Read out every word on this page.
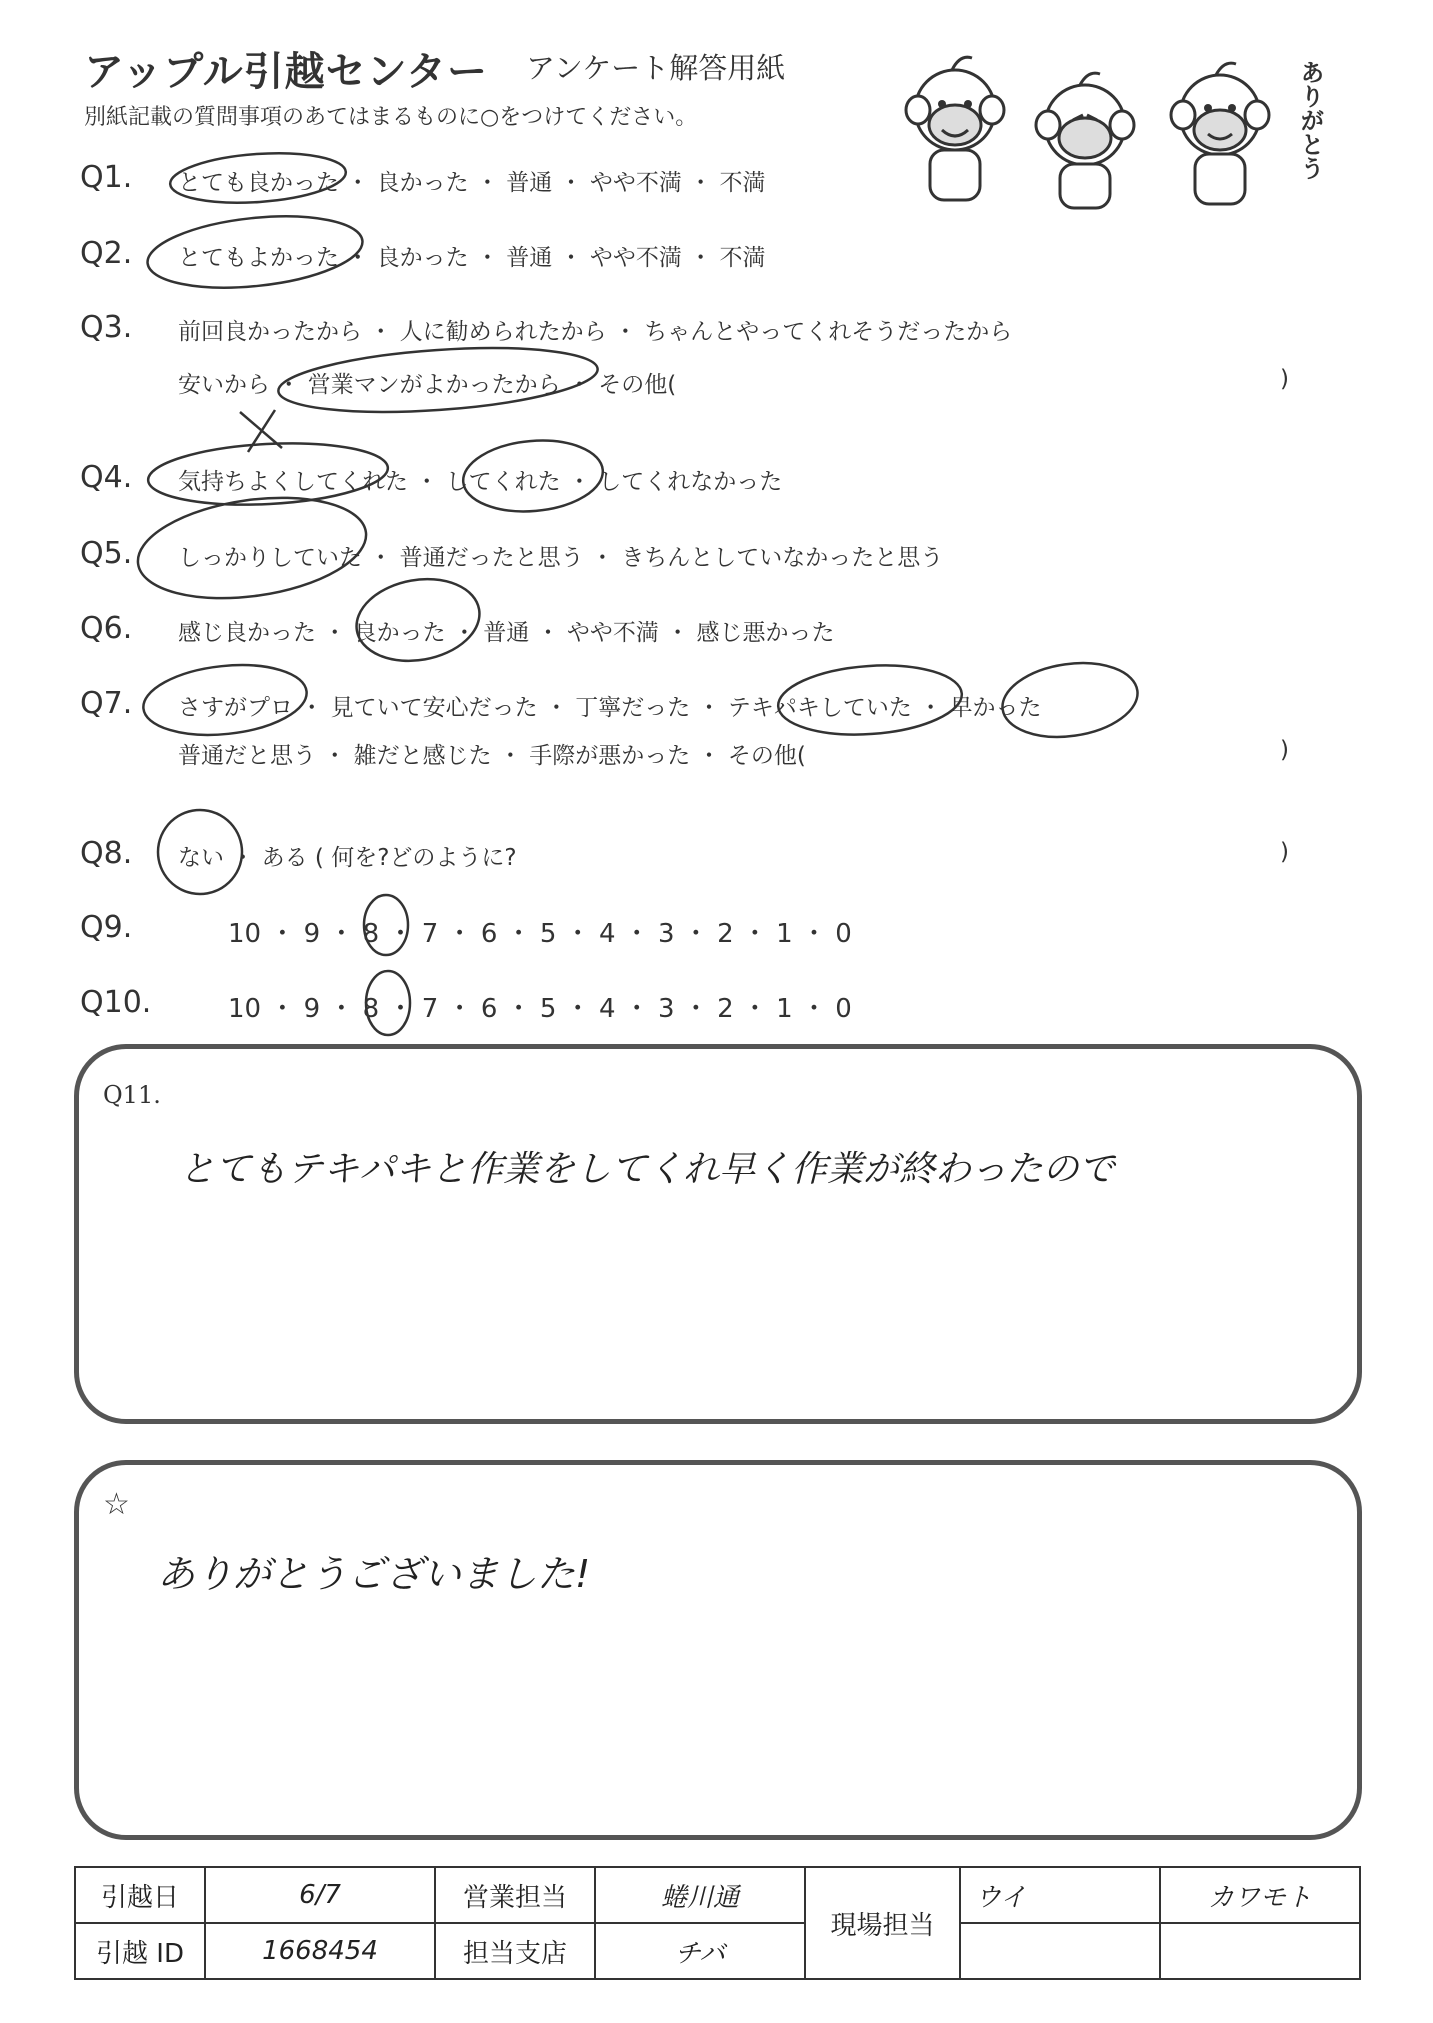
アップル引越センター アンケート解答用紙
別紙記載の質問事項のあてはまるものに○をつけてください。	ありがとう
Q1. とても良かった ・ 良かった ・ 普通 ・ やや不満 ・ 不満
Q2. とてもよかった ・ 良かった ・ 普通 ・ やや不満 ・ 不満
Q3. 前回良かったから ・ 人に勧められたから ・ ちゃんとやってくれそうだったから
安いから ・ 営業マンがよかったから ・ その他(	)
Q4. 気持ちよくしてくれた ・ してくれた ・ してくれなかった
Q5. しっかりしていた ・ 普通だったと思う ・ きちんとしていなかったと思う
Q6. 感じ良かった ・ 良かった ・ 普通 ・ やや不満 ・ 感じ悪かった
Q7. さすがプロ ・ 見ていて安心だった ・ 丁寧だった ・ テキパキしていた ・ 早かった
普通だと思う ・ 雑だと感じた ・ 手際が悪かった ・ その他(	)
Q8. ない ・ ある ( 何を?どのように?	)
Q9.	10 ・ 9 ・ 8 ・ 7 ・ 6 ・ 5 ・ 4 ・ 3 ・ 2 ・ 1 ・ 0
Q10.	10 ・ 9 ・ 8 ・ 7 ・ 6 ・ 5 ・ 4 ・ 3 ・ 2 ・ 1 ・ 0
Q11.
とてもテキパキと作業をしてくれ早く作業が終わったので
☆
ありがとうございました!
引越日	6/7	営業担当	蜷川通	現場担当	ウイ	カワモト
引越 ID	1668454	担当支店	チバ			
